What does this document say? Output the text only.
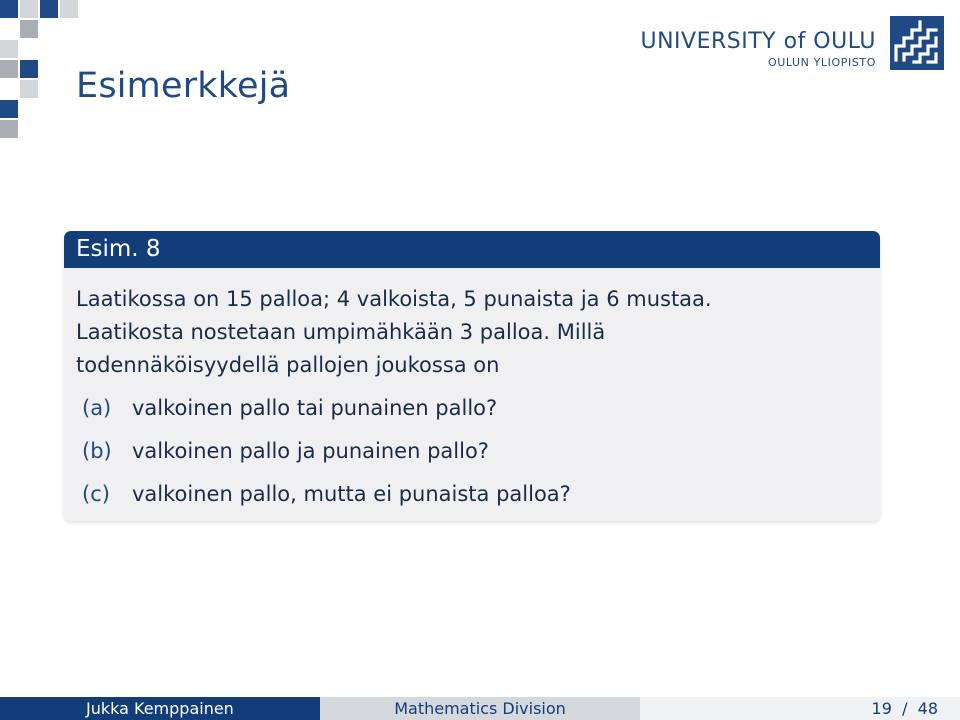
Esimerkkejä
UNIVERSITY of OULU
OULUN YLIOPISTO
Esim. 8

Laatikossa on 15 palloa; 4 valkoista, 5 punaista ja 6 mustaa.
Laatikosta nostetaan umpimähkään 3 palloa. Millä
todennäköisyydellä pallojen joukossa on

(a) valkoinen pallo tai punainen pallo?
(b) valkoinen pallo ja punainen pallo?
(c)	valkoinen pallo, mutta ei punaista palloa?
Jukka Kemppainen	Mathematics Division	19 / 48
